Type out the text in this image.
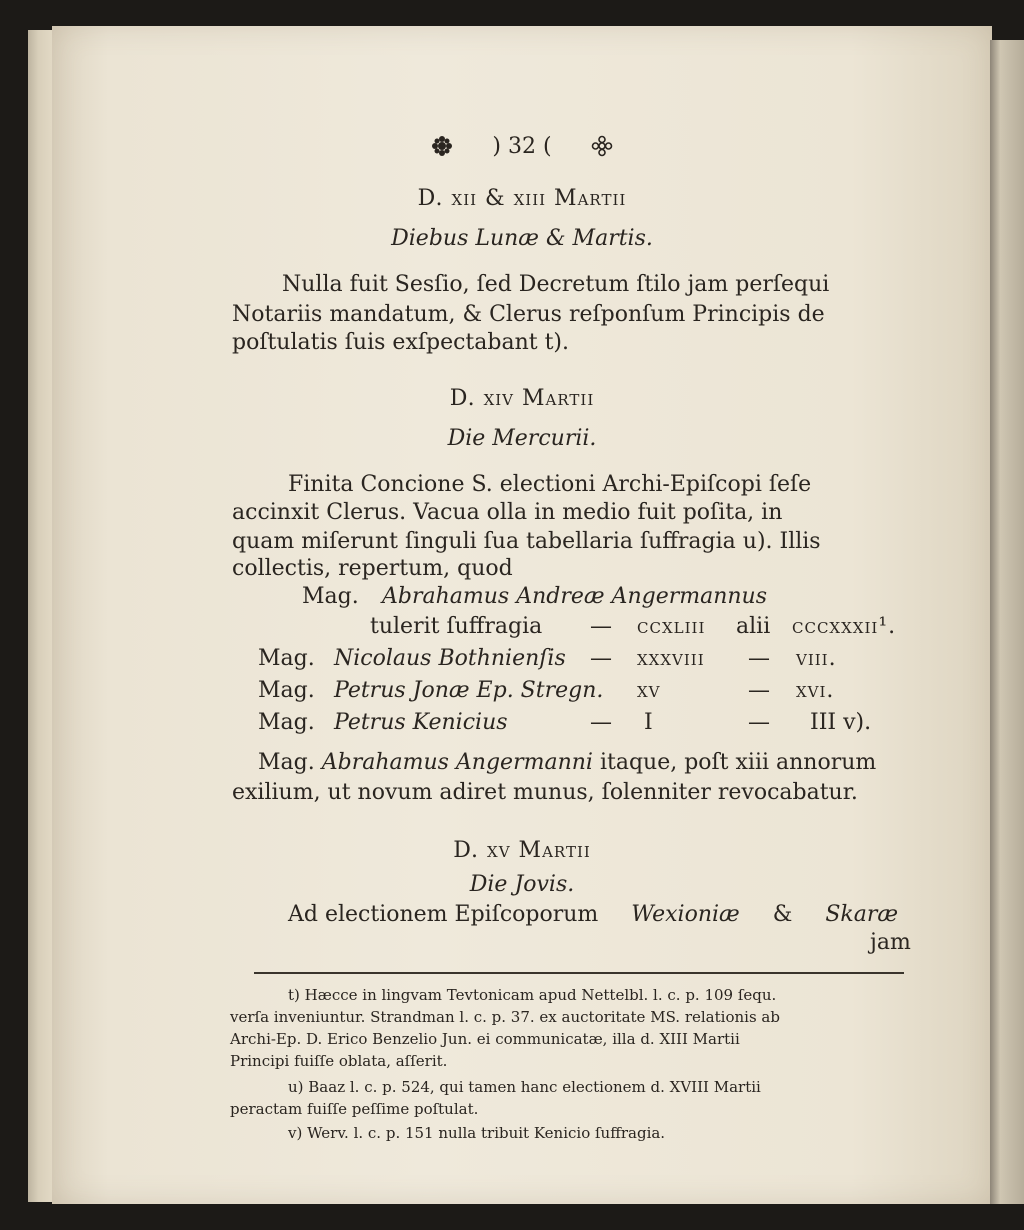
) 32 (
D. xii & xiii Martii
Diebus Lunæ & Martis.
Nulla fuit Sesſio, ſed Decretum ſtilo jam perſequi
Notariis mandatum, & Clerus reſponſum Principis de
poſtulatis ſuis exſpectabant t).
D. xiv Martii
Die Mercurii.
Finita Concione S. electioni Archi-Epiſcopi ſeſe
accinxit Clerus. Vacua olla in medio fuit poſita, in
quam miſerunt ſinguli ſua tabellaria ſuffragia u). Illis
collectis, repertum, quod
Mag. Abrahamus Andreæ Angermannus
tulerit ſuffragia — ccxliii alii cccxxxii¹.
Mag. Nicolaus Bothnienſis — xxxviii — viii.
Mag. Petrus Jonæ Ep. Stregn. xv	— xvi.
Mag. Petrus Kenicius	— I	— III v).
Mag. Abrahamus Angermanni itaque, poſt xiii annorum
exilium, ut novum adiret munus, ſolenniter revocabatur.
D. xv Martii
Die Jovis.
Ad electionem Epiſcoporum Wexioniæ & Skaræ
jam
t) Hæcce in lingvam Tevtonicam apud Nettelbl. l. c. p. 109 ſequ.
verſa inveniuntur. Strandman l. c. p. 37. ex auctoritate MS. relationis ab
Archi-Ep. D. Erico Benzelio Jun. ei communicatæ, illa d. XIII Martii
Principi fuiſſe oblata, aſſerit.
u) Baaz l. c. p. 524, qui tamen hanc electionem d. XVIII Martii
peractam fuiſſe peſſime poſtulat.
v) Werv. l. c. p. 151 nulla tribuit Kenicio ſuffragia.
